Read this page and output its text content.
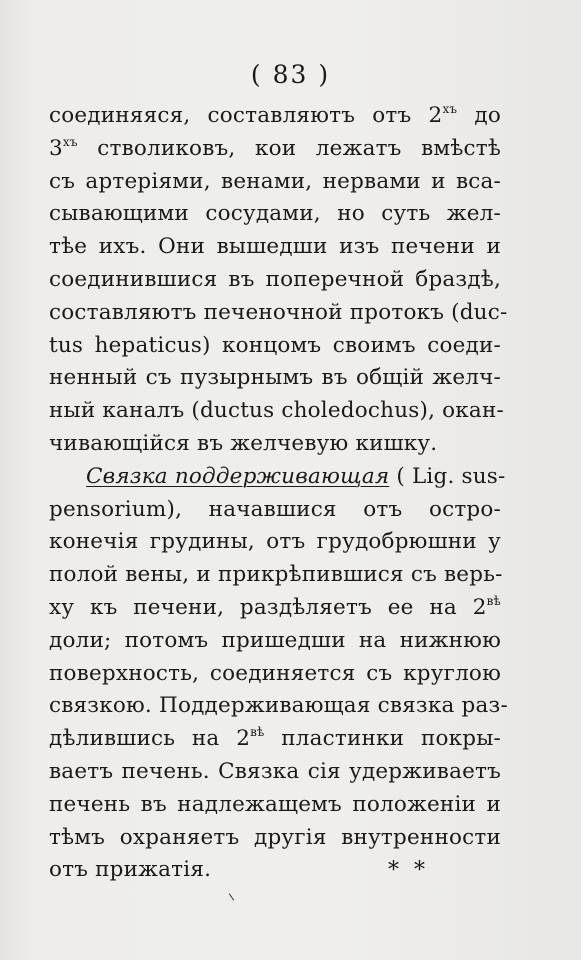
( 83 )
соединяяся, составляютъ отъ $2^{хъ}$ до
$3^{хъ}$ стволиковъ, кои лежатъ вмѣстѣ
съ артеріями, венами, нервами и вса-
сывающими сосудами, но суть жел-
тѣе ихъ. Они вышедши изъ печени и
соединившися въ поперечной браздѣ,
составляютъ печеночной протокъ (duc-
tus hepaticus) концомъ своимъ соеди-
ненный съ пузырнымъ въ общій желч-
ный каналъ (ductus choledochus), окан-
чивающійся въ желчевую кишку.
Связка поддерживающая ( Lig. sus-
pensorium), начавшися отъ остро-
конечія грудины, отъ грудобрюшни у
полой вены, и прикрѣпившися съ верь-
ху къ печени, раздѣляетъ ее на $2^{вѣ}$
доли; потомъ пришедши на нижнюю
поверхность, соединяется съ круглою
связкою. Поддерживающая связка раз-
дѣлившись на $2^{вѣ}$ пластинки покры-
ваетъ печень. Связка сія удерживаетъ
печень въ надлежащемъ положеніи и
тѣмъ охраняетъ другія внутренности
отъ прижатія.	* *
